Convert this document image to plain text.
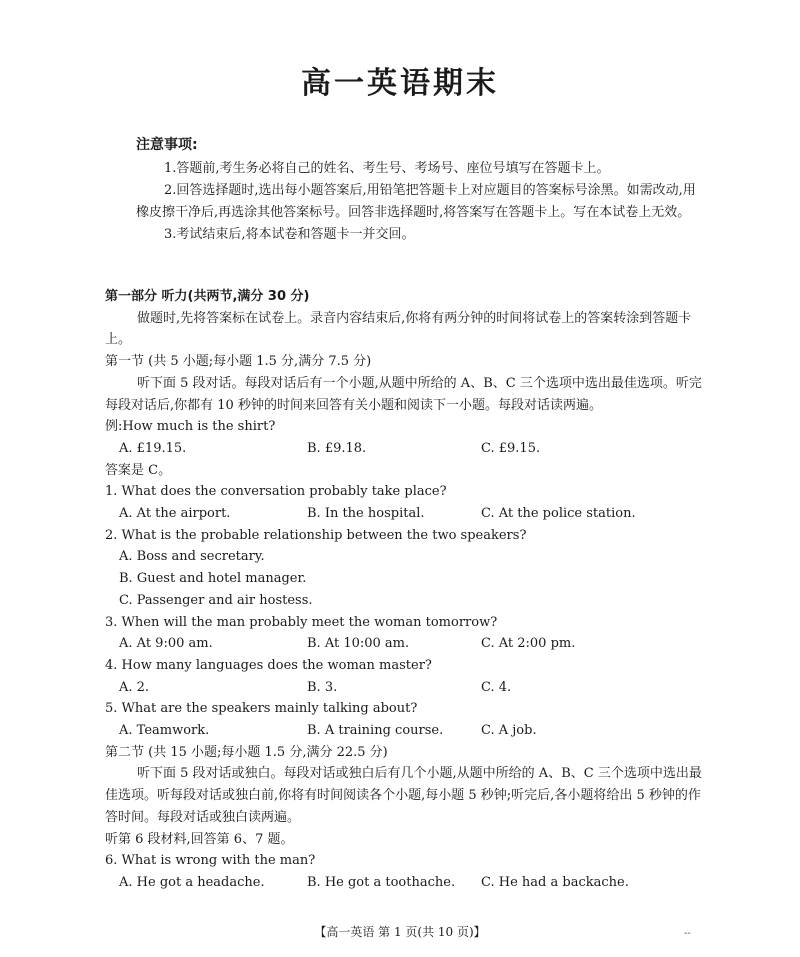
高一英语期末
注意事项:
1.答题前,考生务必将自己的姓名、考生号、考场号、座位号填写在答题卡上。
2.回答选择题时,选出每小题答案后,用铅笔把答题卡上对应题目的答案标号涂黑。如需改动,用橡皮擦干净后,再选涂其他答案标号。回答非选择题时,将答案写在答题卡上。写在本试卷上无效。
3.考试结束后,将本试卷和答题卡一并交回。
第一部分 听力(共两节,满分 30 分)
做题时,先将答案标在试卷上。录音内容结束后,你将有两分钟的时间将试卷上的答案转涂到答题卡上。
第一节 (共 5 小题;每小题 1.5 分,满分 7.5 分)
听下面 5 段对话。每段对话后有一个小题,从题中所给的 A、B、C 三个选项中选出最佳选项。听完每段对话后,你都有 10 秒钟的时间来回答有关小题和阅读下一小题。每段对话读两遍。
例:How much is the shirt?
A. £19.15.	B. £9.18.	C. £9.15.
答案是 C。
1. What does the conversation probably take place?
A. At the airport.	B. In the hospital.	C. At the police station.
2. What is the probable relationship between the two speakers?
A. Boss and secretary.
B. Guest and hotel manager.
C. Passenger and air hostess.
3. When will the man probably meet the woman tomorrow?
A. At 9:00 am.	B. At 10:00 am.	C. At 2:00 pm.
4. How many languages does the woman master?
A. 2.	B. 3.	C. 4.
5. What are the speakers mainly talking about?
A. Teamwork.	B. A training course.	C. A job.
第二节 (共 15 小题;每小题 1.5 分,满分 22.5 分)
听下面 5 段对话或独白。每段对话或独白后有几个小题,从题中所给的 A、B、C 三个选项中选出最佳选项。听每段对话或独白前,你将有时间阅读各个小题,每小题 5 秒钟;听完后,各小题将给出 5 秒钟的作答时间。每段对话或独白读两遍。
听第 6 段材料,回答第 6、7 题。
6. What is wrong with the man?
A. He got a headache.	B. He got a toothache. C. He had a backache.
【高一英语 第 1 页(共 10 页)】	--
